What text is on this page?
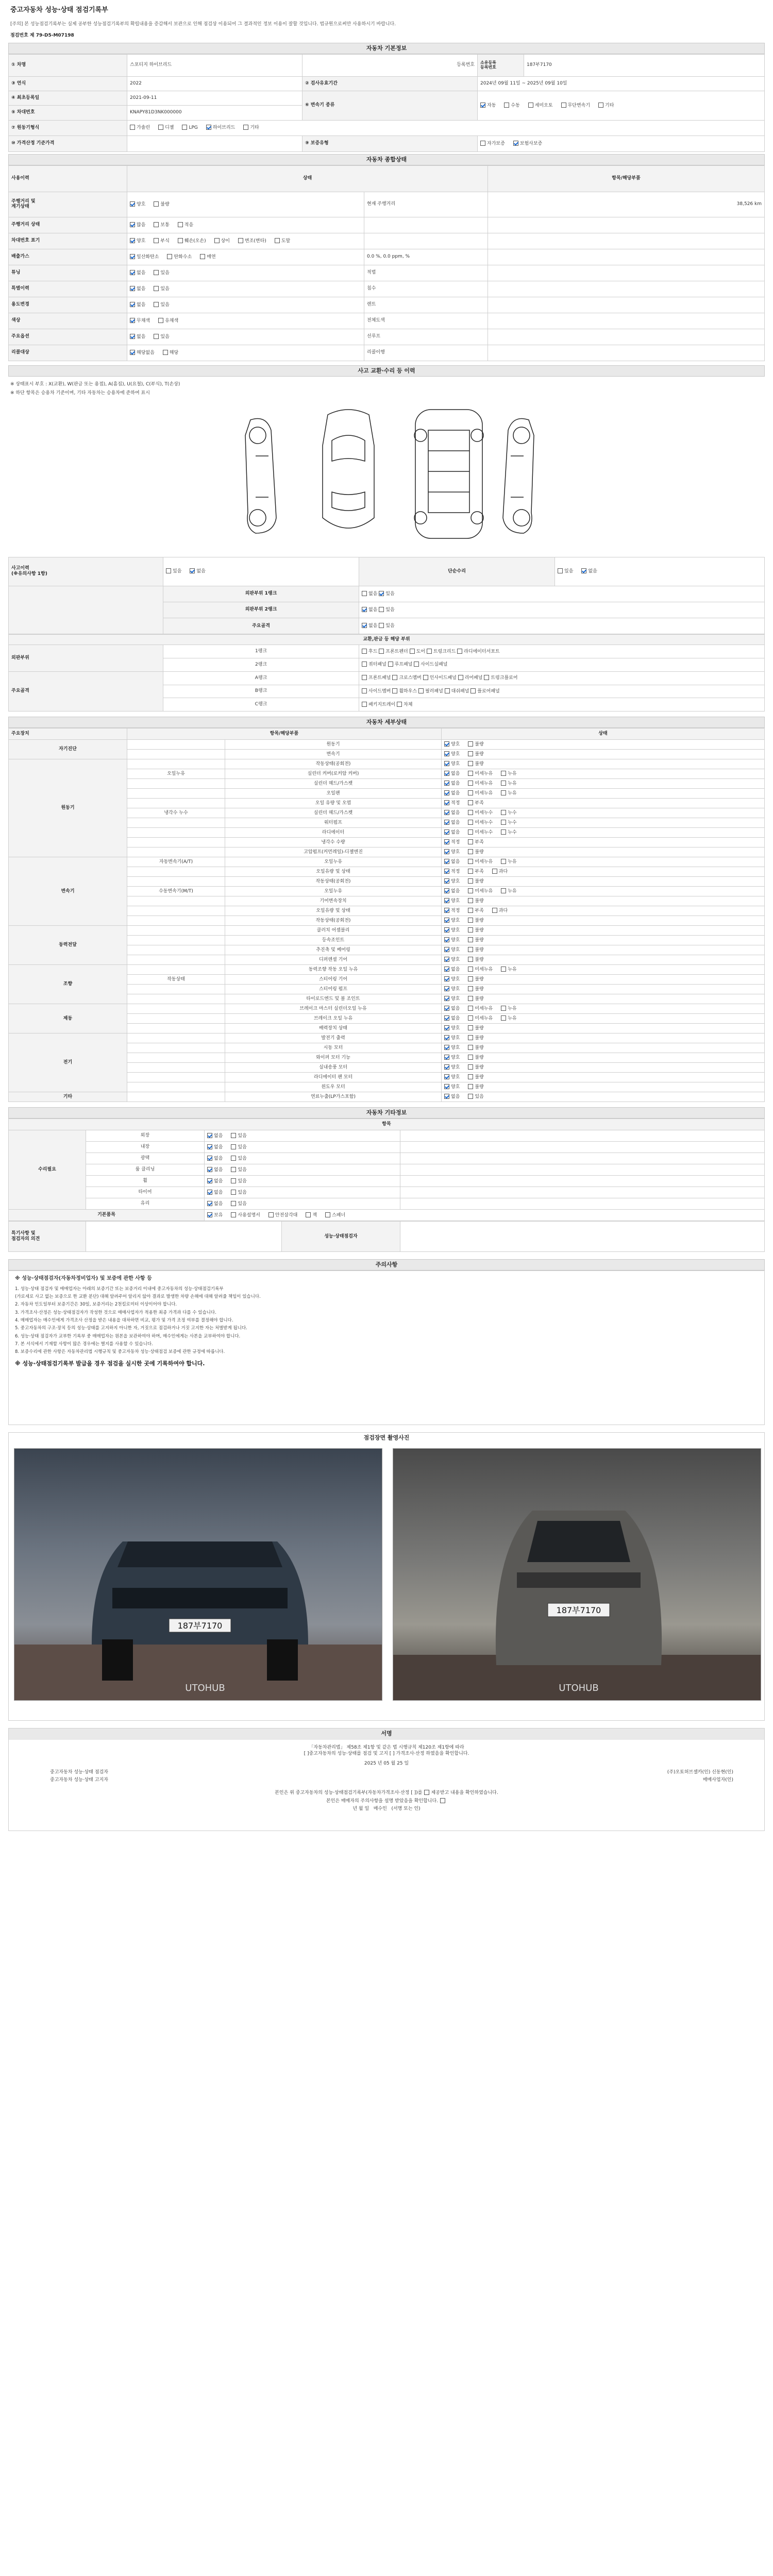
중고자동차 성능·상태 점검기록부
[주의] 본 성능점검기록부는 실제 공부한 성능점검기록부의 확립내용을 증감해서 보관으로 인해 점검상 이용되어 그 결과적인 정보 이용이 잘할 것입니다. 법규원으로써만 사용하시기 바랍니다.
점검번호 제 79-D5-M07198
자동차 기본정보
① 차명	스포티지 하이브리드	등록번호	소유등록
등록번호	187부7170
③ 연식	2022	② 검사유효기간	2024년 09월 11일 ~ 2025년 09월 10일	
④ 최초등록일	2021-09-11	⑥ 변속기 종류	자동 수동 세미오토 무단변속기 기타	
⑤ 차대번호	KNAPY81D3NK000000			
⑦ 원동기형식	가솔린 디젤 LPG 하이브리드 기타			
⑩ 가격산정 기준가격		⑨ 보증유형	자가보증 보험사보증	
자동차 종합상태
사용이력	상태		항목/해당부품
주행거리 및
계기상태	양호 불량	현재 주행거리	38,526 km
주행거리 상태	많음 보통 적음		
차대번호 표기	양호 부식 훼손(오손) 상이 변조(변타) 도말		
배출가스	일산화탄소 탄화수소 매연	0.0 %, 0.0 ppm, %	
튜닝	없음 있음	적법	
특별이력	없음 있음	침수	
용도변경	없음 있음	렌트	
색상	무채색 유채색	전체도색	
주요옵션	없음 있음	선루프	
리콜대상	해당없음 해당	리콜이행	
사고 교환·수리 등 이력
※ 상태표시 부호 : X(교환), W(판금 또는 용접), A(흠집), U(요철), C(부식), T(손상)
※ 하단 항목은 승용차 기준이며, 기타 자동차는 승용차에 준하여 표시
사고이력
(※유의사항 1항)	있음 없음	단순수리	있음 없음
	외판부위 1랭크	없음 있음	
	외판부위 2랭크	없음 있음	
	주요골격	없음 있음	
교환,판금 등 해당 부위		
외판부위	1랭크	후드 프론트펜더 도어 트렁크리드 라디에이터서포트
	2랭크	쿼터패널 루프패널 사이드실패널
주요골격	A랭크	프론트패널 크로스멤버 인사이드패널 리어패널 트렁크플로어
	B랭크	사이드멤버 휠하우스 필러패널 대쉬패널 플로어패널
	C랭크	패키지트레이 차체
자동차 세부상태
주요장치	항목/해당부품		상태
자기진단		원동기	양호 불량
		변속기	양호 불량
원동기		작동상태(공회전)	양호 불량
	오일누유	실린더 커버(로커암 커버)	없음 미세누유 누유
		실린더 헤드/가스켓	없음 미세누유 누유
		오일팬	없음 미세누유 누유
		오일 유량 및 오염	적정 부족
	냉각수 누수	실린더 헤드/가스켓	없음 미세누수 누수
		워터펌프	없음 미세누수 누수
		라디에이터	없음 미세누수 누수
		냉각수 수량	적정 부족
		고압펌프(커먼레일)-디젤엔진	양호 불량
변속기	자동변속기(A/T)	오일누유	없음 미세누유 누유
		오일유량 및 상태	적정 부족 과다
		작동상태(공회전)	양호 불량
	수동변속기(M/T)	오일누유	없음 미세누유 누유
		기어변속장치	양호 불량
		오일유량 및 상태	적정 부족 과다
		작동상태(공회전)	양호 불량
동력전달		클러치 어셈블리	양호 불량
		등속조인트	양호 불량
		추진축 및 베어링	양호 불량
		디퍼렌셜 기어	양호 불량
조향		동력조향 작동 오일 누유	없음 미세누유 누유
	작동상태	스티어링 기어	양호 불량
		스티어링 펌프	양호 불량
		타이로드엔드 및 볼 조인트	양호 불량
제동		브레이크 마스터 실린더오일 누유	없음 미세누유 누유
		브레이크 오일 누유	없음 미세누유 누유
		배력장치 상태	양호 불량
전기		발전기 출력	양호 불량
		시동 모터	양호 불량
		와이퍼 모터 기능	양호 불량
		실내송풍 모터	양호 불량
		라디에이터 팬 모터	양호 불량
		윈도우 모터	양호 불량
기타		연료누출(LP가스포함)	없음 있음
자동차 기타정보
항목			
수리필요	외장	없음 있음	
	내장	없음 있음	
	광택	없음 있음	
	룸 클리닝	없음 있음	
	휠	없음 있음	
	타이어	없음 있음	
	유리	없음 있음	
기본품목		보유 사용설명서 안전삼각대 잭 스패너	
특기사항 및
점검자의 의견		성능·상태점검자	
주의사항

※ 성능·상태점검자(자동차정비업자) 및 보증에 관한 사항 등

1. 성능·상태 점검자 및 매매업자는 아래의 보증기간 또는 보증거리 이내에 중고자동차의 성능·상태점검기록부

(가로세로 사고 없는 보증으로 한 교환 분단) 대해 알려주어 알리지 않아 결과로 발생한 차량 손해에 대해 알려줄 책임이 있습니다.

2. 자동차 인도일부터 보증기간은 30일, 보증거리는 2천킬로미터 이상이어야 합니다.

3. 가격조사·산정은 성능·상태점검자가 작성한 것으로 매매사업자가 적용한 최종 가격과 다를 수 있습니다.

4. 매매업자는 매수인에게 가격조사 산정을 받은 내용을 대차하면 비교, 평가 및 가격 조정 여부를 결정해야 합니다.

5. 중고자동차의 구조·장치 등의 성능·상태를 고지하지 아니한 자, 거짓으로 점검하거나 거짓 고지한 자는 처벌받게 됩니다.

6. 성능·상태 점검자가 교부한 기록부 중 매매업자는 원본을 보관하여야 하며, 매수인에게는 사본을 교부하여야 합니다.

7. 본 서식에서 기재할 사항이 많은 경우에는 별지를 사용할 수 있습니다.

8. 보증수리에 관한 사항은 자동차관리법 시행규칙 및 중고자동차 성능·상태점검 보증에 관한 규정에 따릅니다.

※ 성능·상태점검기록부 발급을 경우 점검을 실시한 곳에 기록하여야 합니다.

점검장면 촬영사진
187부7170
UTOHUB
187부7170
UTOHUB
서명
「자동차관리법」 제58조 제1항 및 같은 법 시행규칙 제120조 제1항에 따라
[ ]중고자동차의 성능·상태를 점검 및 고지 [ ] 가격조사·산정 하였음을 확인합니다.
2025 년 05 월 25 일
중고자동차 성능·상태 점검자	(주)오토허브셀카(인) 신동현(인)
중고자동차 성능·상태 고지자	매매사업자(인)
본인은 위 중고자동차의 성능·상태점검기록부(자동차가격조사·산정 [ ])를 제공받고 내용을 확인하였습니다.
본인은 매매자의 주의사항을 설명 받았음을 확인합니다.
년 월 일 매수인 (서명 또는 인)
